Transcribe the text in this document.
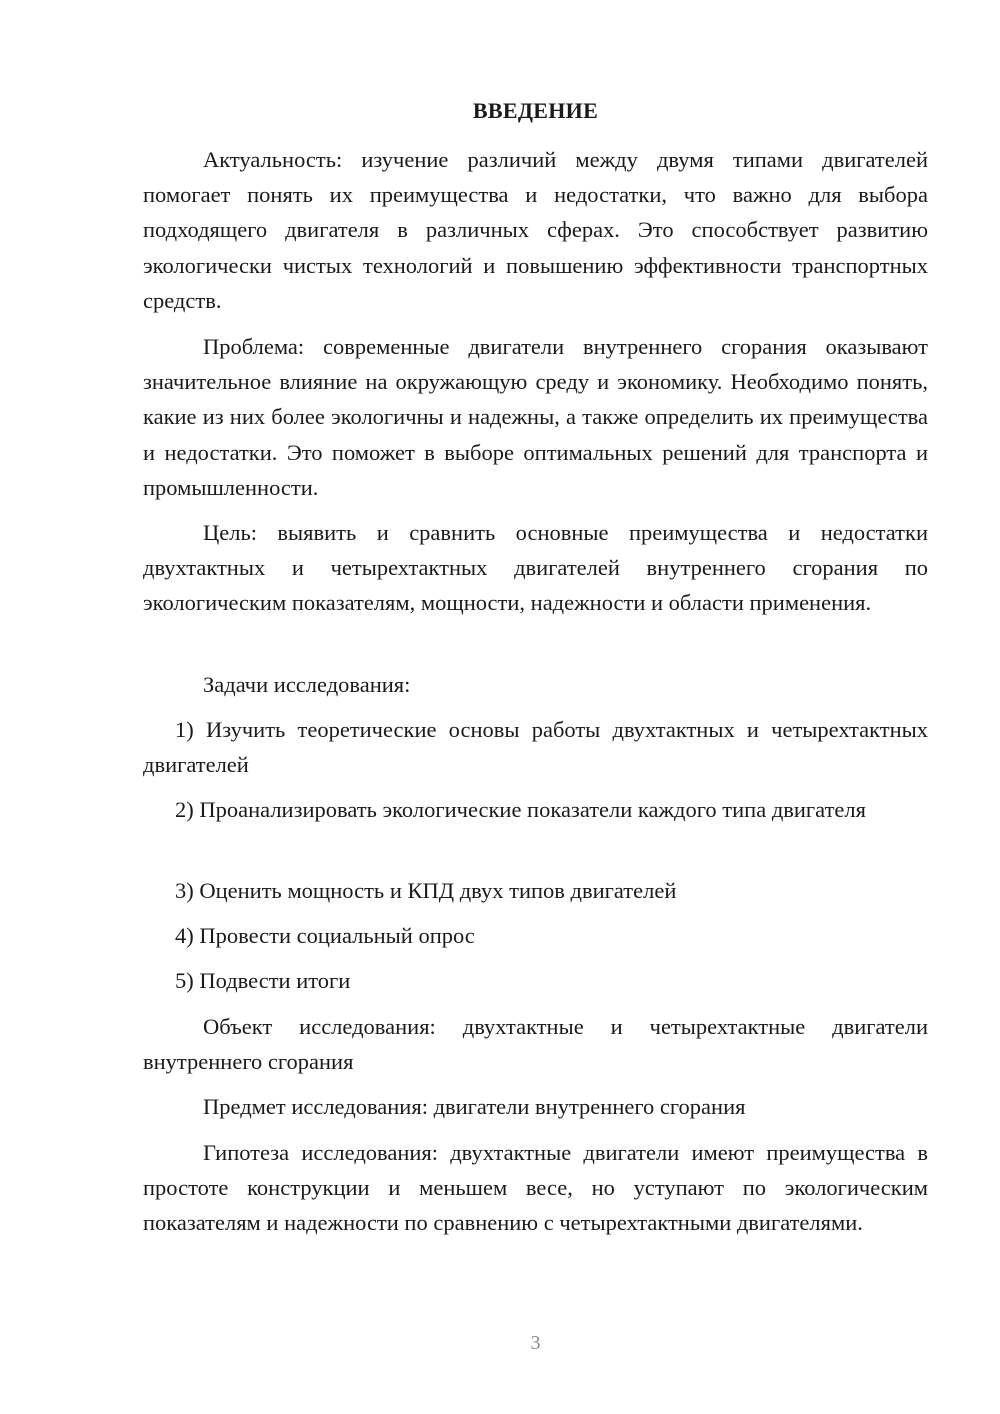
ВВЕДЕНИЕ

Актуальность: изучение различий между двумя типами двигателей помогает понять их преимущества и недостатки, что важно для выбора подходящего двигателя в различных сферах. Это способствует развитию экологически чистых технологий и повышению эффективности транспортных средств.

Проблема: современные двигатели внутреннего сгорания оказывают значительное влияние на окружающую среду и экономику. Необходимо понять, какие из них более экологичны и надежны, а также определить их преимущества и недостатки. Это поможет в выборе оптимальных решений для транспорта и промышленности.

Цель: выявить и сравнить основные преимущества и недостатки двухтактных и четырехтактных двигателей внутреннего сгорания по экологическим показателям, мощности, надежности и области применения.

Задачи исследования:

1) Изучить теоретические основы работы двухтактных и четырехтактных двигателей

2) Проанализировать экологические показатели каждого типа двигателя

3) Оценить мощность и КПД двух типов двигателей

4) Провести социальный опрос

5) Подвести итоги

Объект исследования: двухтактные и четырехтактные двигатели внутреннего сгорания

Предмет исследования: двигатели внутреннего сгорания

Гипотеза исследования: двухтактные двигатели имеют преимущества в простоте конструкции и меньшем весе, но уступают по экологическим показателям и надежности по сравнению с четырехтактными двигателями.

3
